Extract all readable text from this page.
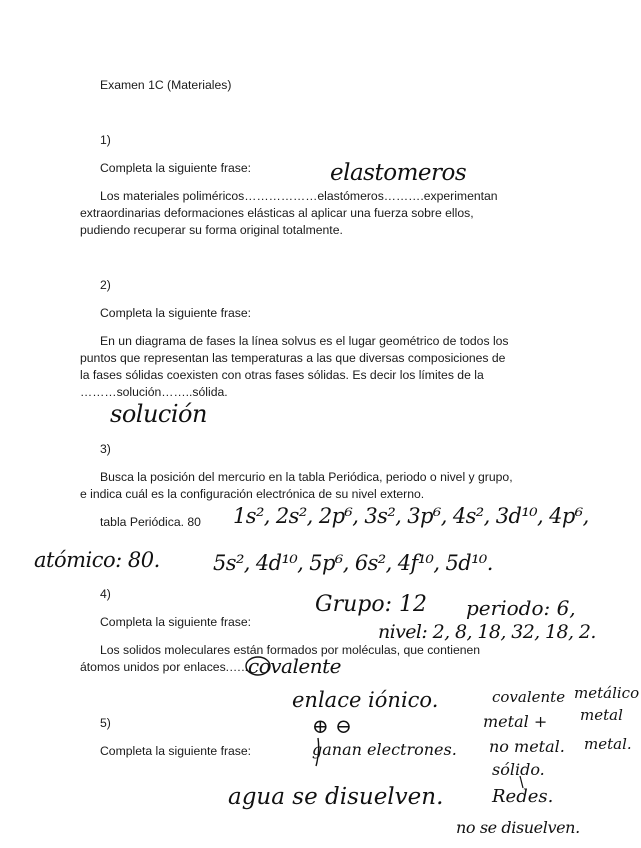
Examen 1C (Materiales)
1)
Completa la siguiente frase:
Los materiales poliméricos………………elastómeros……….experimentan
extraordinarias deformaciones elásticas al aplicar una fuerza sobre ellos,
pudiendo recuperar su forma original totalmente.
elastomeros
2)
Completa la siguiente frase:
En un diagrama de fases la línea solvus es el lugar geométrico de todos los
puntos que representan las temperaturas a las que diversas composiciones de
la fases sólidas coexisten con otras fases sólidas. Es decir los límites de la
………solución……..sólida.
solución
3)
Busca la posición del mercurio en la tabla Periódica, periodo o nivel y grupo,
e indica cuál es la configuración electrónica de su nivel externo.
tabla Periódica. 80 1s², 2s², 2p⁶, 3s², 3p⁶, 4s², 3d¹⁰, 4p⁶,
atómico: 80.	5s², 4d¹⁰, 5p⁶, 6s², 4f¹⁰, 5d¹⁰.
Grupo: 12 periodo: 6,
nivel: 2, 8, 18, 32, 18, 2.
4)
Completa la siguiente frase:
Los solidos moleculares están formados por moléculas, que contienen
átomos unidos por enlaces.….. covalente
enlace iónico.	covalente metálico
metal + metal
⊕ ⊖
ganan electrones. no metal. metal.
sólido.
agua se disuelven.	Redes.
no se disuelven.
5)
Completa la siguiente frase:
